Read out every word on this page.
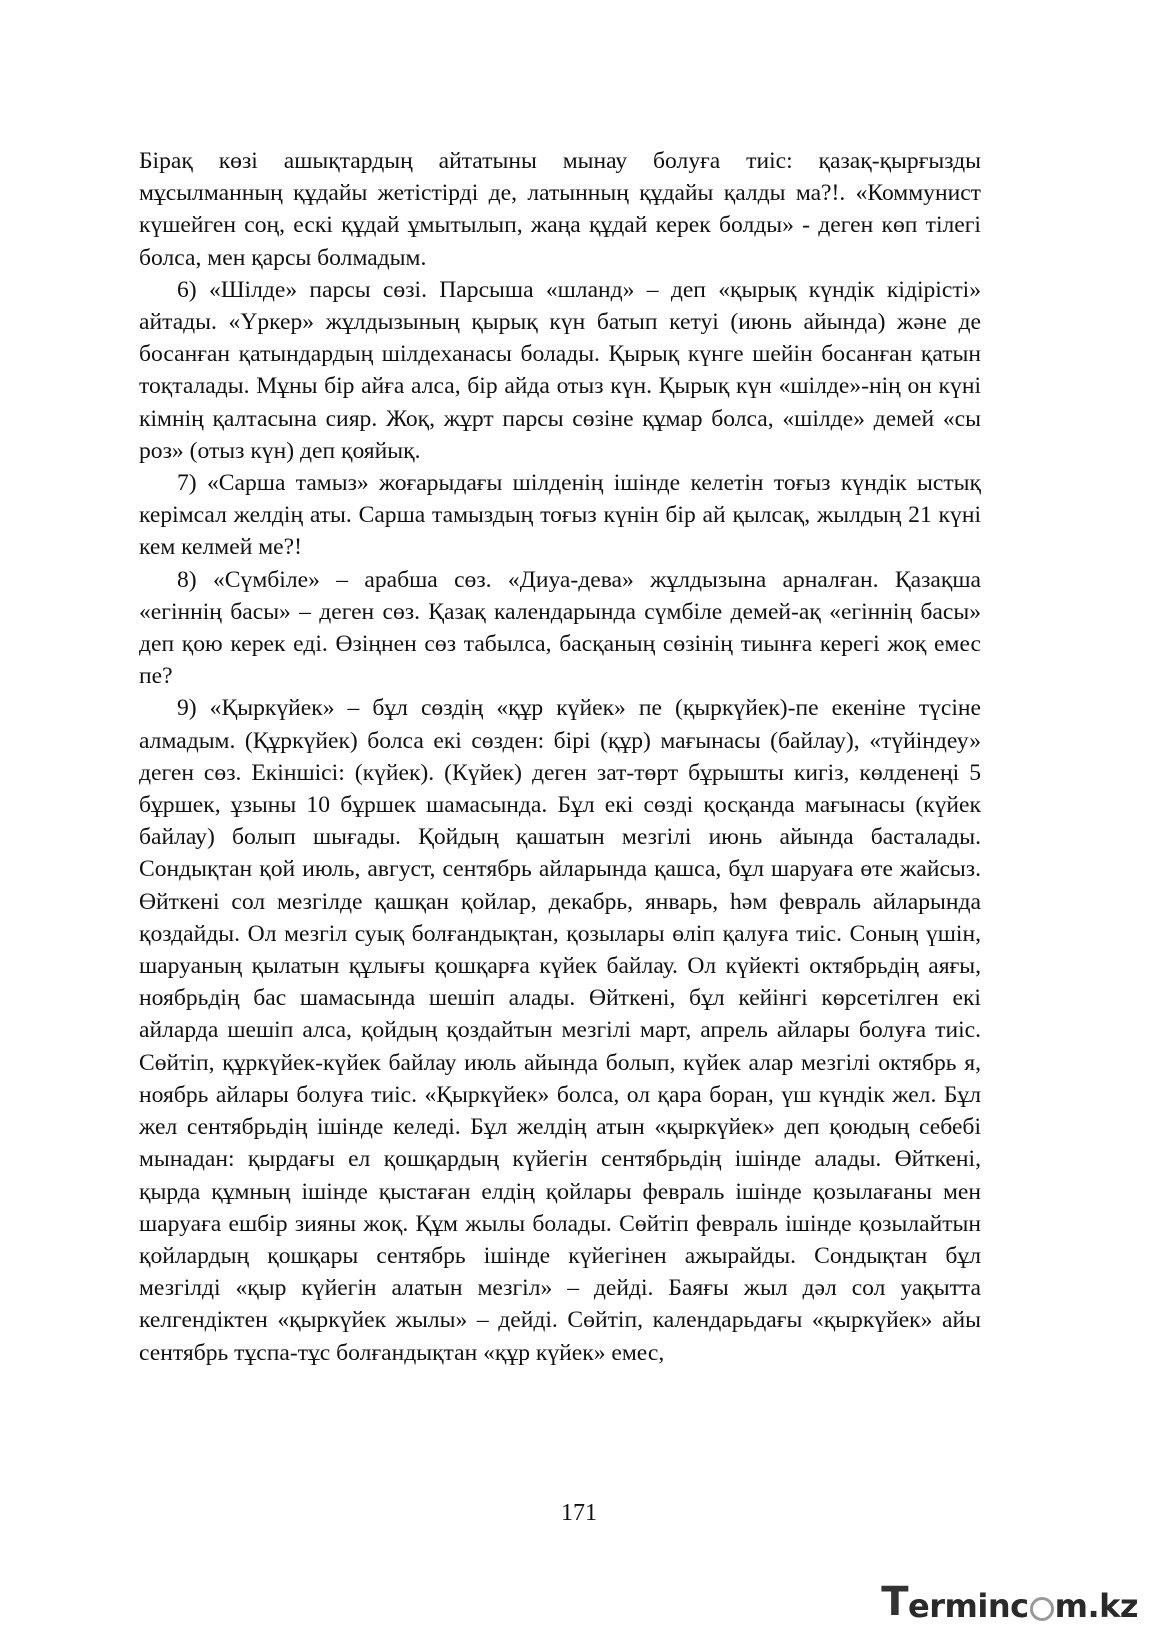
Бірақ көзі ашықтардың айтатыны мынау болуға тиіс: қазақ-қырғызды мұсылманның құдайы жетістірді де, латынның құдайы қалды ма?!. «Коммунист күшейген соң, ескі құдай ұмытылып, жаңа құдай керек болды» - деген көп тілегі болса, мен қарсы болмадым.

6) «Шілде» парсы сөзі. Парсыша «шланд» – деп «қырық күндік кідірісті» айтады. «Үркер» жұлдызының қырық күн батып кетуі (июнь айында) және де босанған қатындардың шілдеханасы болады. Қырық күнге шейін босанған қатын тоқталады. Мұны бір айға алса, бір айда отыз күн. Қырық күн «шілде»-нің он күні кімнің қалтасына сияр. Жоқ, жұрт парсы сөзіне құмар болса, «шілде» демей «сы роз» (отыз күн) деп қояйық.

7) «Сарша тамыз» жоғарыдағы шілденің ішінде келетін тоғыз күндік ыстық керімсал желдің аты. Сарша тамыздың тоғыз күнін бір ай қылсақ, жылдың 21 күні кем келмей ме?!

8) «Сүмбіле» – арабша сөз. «Диуа-дева» жұлдызына арналған. Қазақша «егіннің басы» – деген сөз. Қазақ календарында сүмбіле демей-ақ «егіннің басы» деп қою керек еді. Өзіңнен сөз табылса, басқаның сөзінің тиынға керегі жоқ емес пе?

9) «Қыркүйек» – бұл сөздің «құр күйек» пе (қыркүйек)-пе екеніне түсіне алмадым. (Құркүйек) болса екі сөзден: бірі (құр) мағынасы (байлау), «түйіндеу» деген сөз. Екіншісі: (күйек). (Күйек) деген зат-төрт бұрышты кигіз, көлденеңі 5 бұршек, ұзыны 10 бұршек шамасында. Бұл екі сөзді қосқанда мағынасы (күйек байлау) болып шығады. Қойдың қашатын мезгілі июнь айында басталады. Сондықтан қой июль, август, сентябрь айларында қашса, бұл шаруаға өте жайсыз. Өйткені сол мезгілде қашқан қойлар, декабрь, январь, һәм февраль айларында қоздайды. Ол мезгіл суық болғандықтан, қозылары өліп қалуға тиіс. Соның үшін, шаруаның қылатын құлығы қошқарға күйек байлау. Ол күйекті октябрьдің аяғы, ноябрьдің бас шамасында шешіп алады. Өйткені, бұл кейінгі көрсетілген екі айларда шешіп алса, қойдың қоздайтын мезгілі март, апрель айлары болуға тиіс. Сөйтіп, құркүйек-күйек байлау июль айында болып, күйек алар мезгілі октябрь я, ноябрь айлары болуға тиіс. «Қыркүйек» болса, ол қара боран, үш күндік жел. Бұл жел сентябрьдің ішінде келеді. Бұл желдің атын «қыркүйек» деп қоюдың себебі мынадан: қырдағы ел қошқардың күйегін сентябрьдің ішінде алады. Өйткені, қырда құмның ішінде қыстаған елдің қойлары февраль ішінде қозылағаны мен шаруаға ешбір зияны жоқ. Құм жылы болады. Сөйтіп февраль ішінде қозылайтын қойлардың қошқары сентябрь ішінде күйегінен ажырайды. Сондықтан бұл мезгілді «қыр күйегін алатын мезгіл» – дейді. Баяғы жыл дәл сол уақытта келгендіктен «қыркүйек жылы» – дейді. Сөйтіп, календарьдағы «қыркүйек» айы сентябрь тұспа-тұс болғандықтан «құр күйек» емес,

171
T ermin c m.kz
